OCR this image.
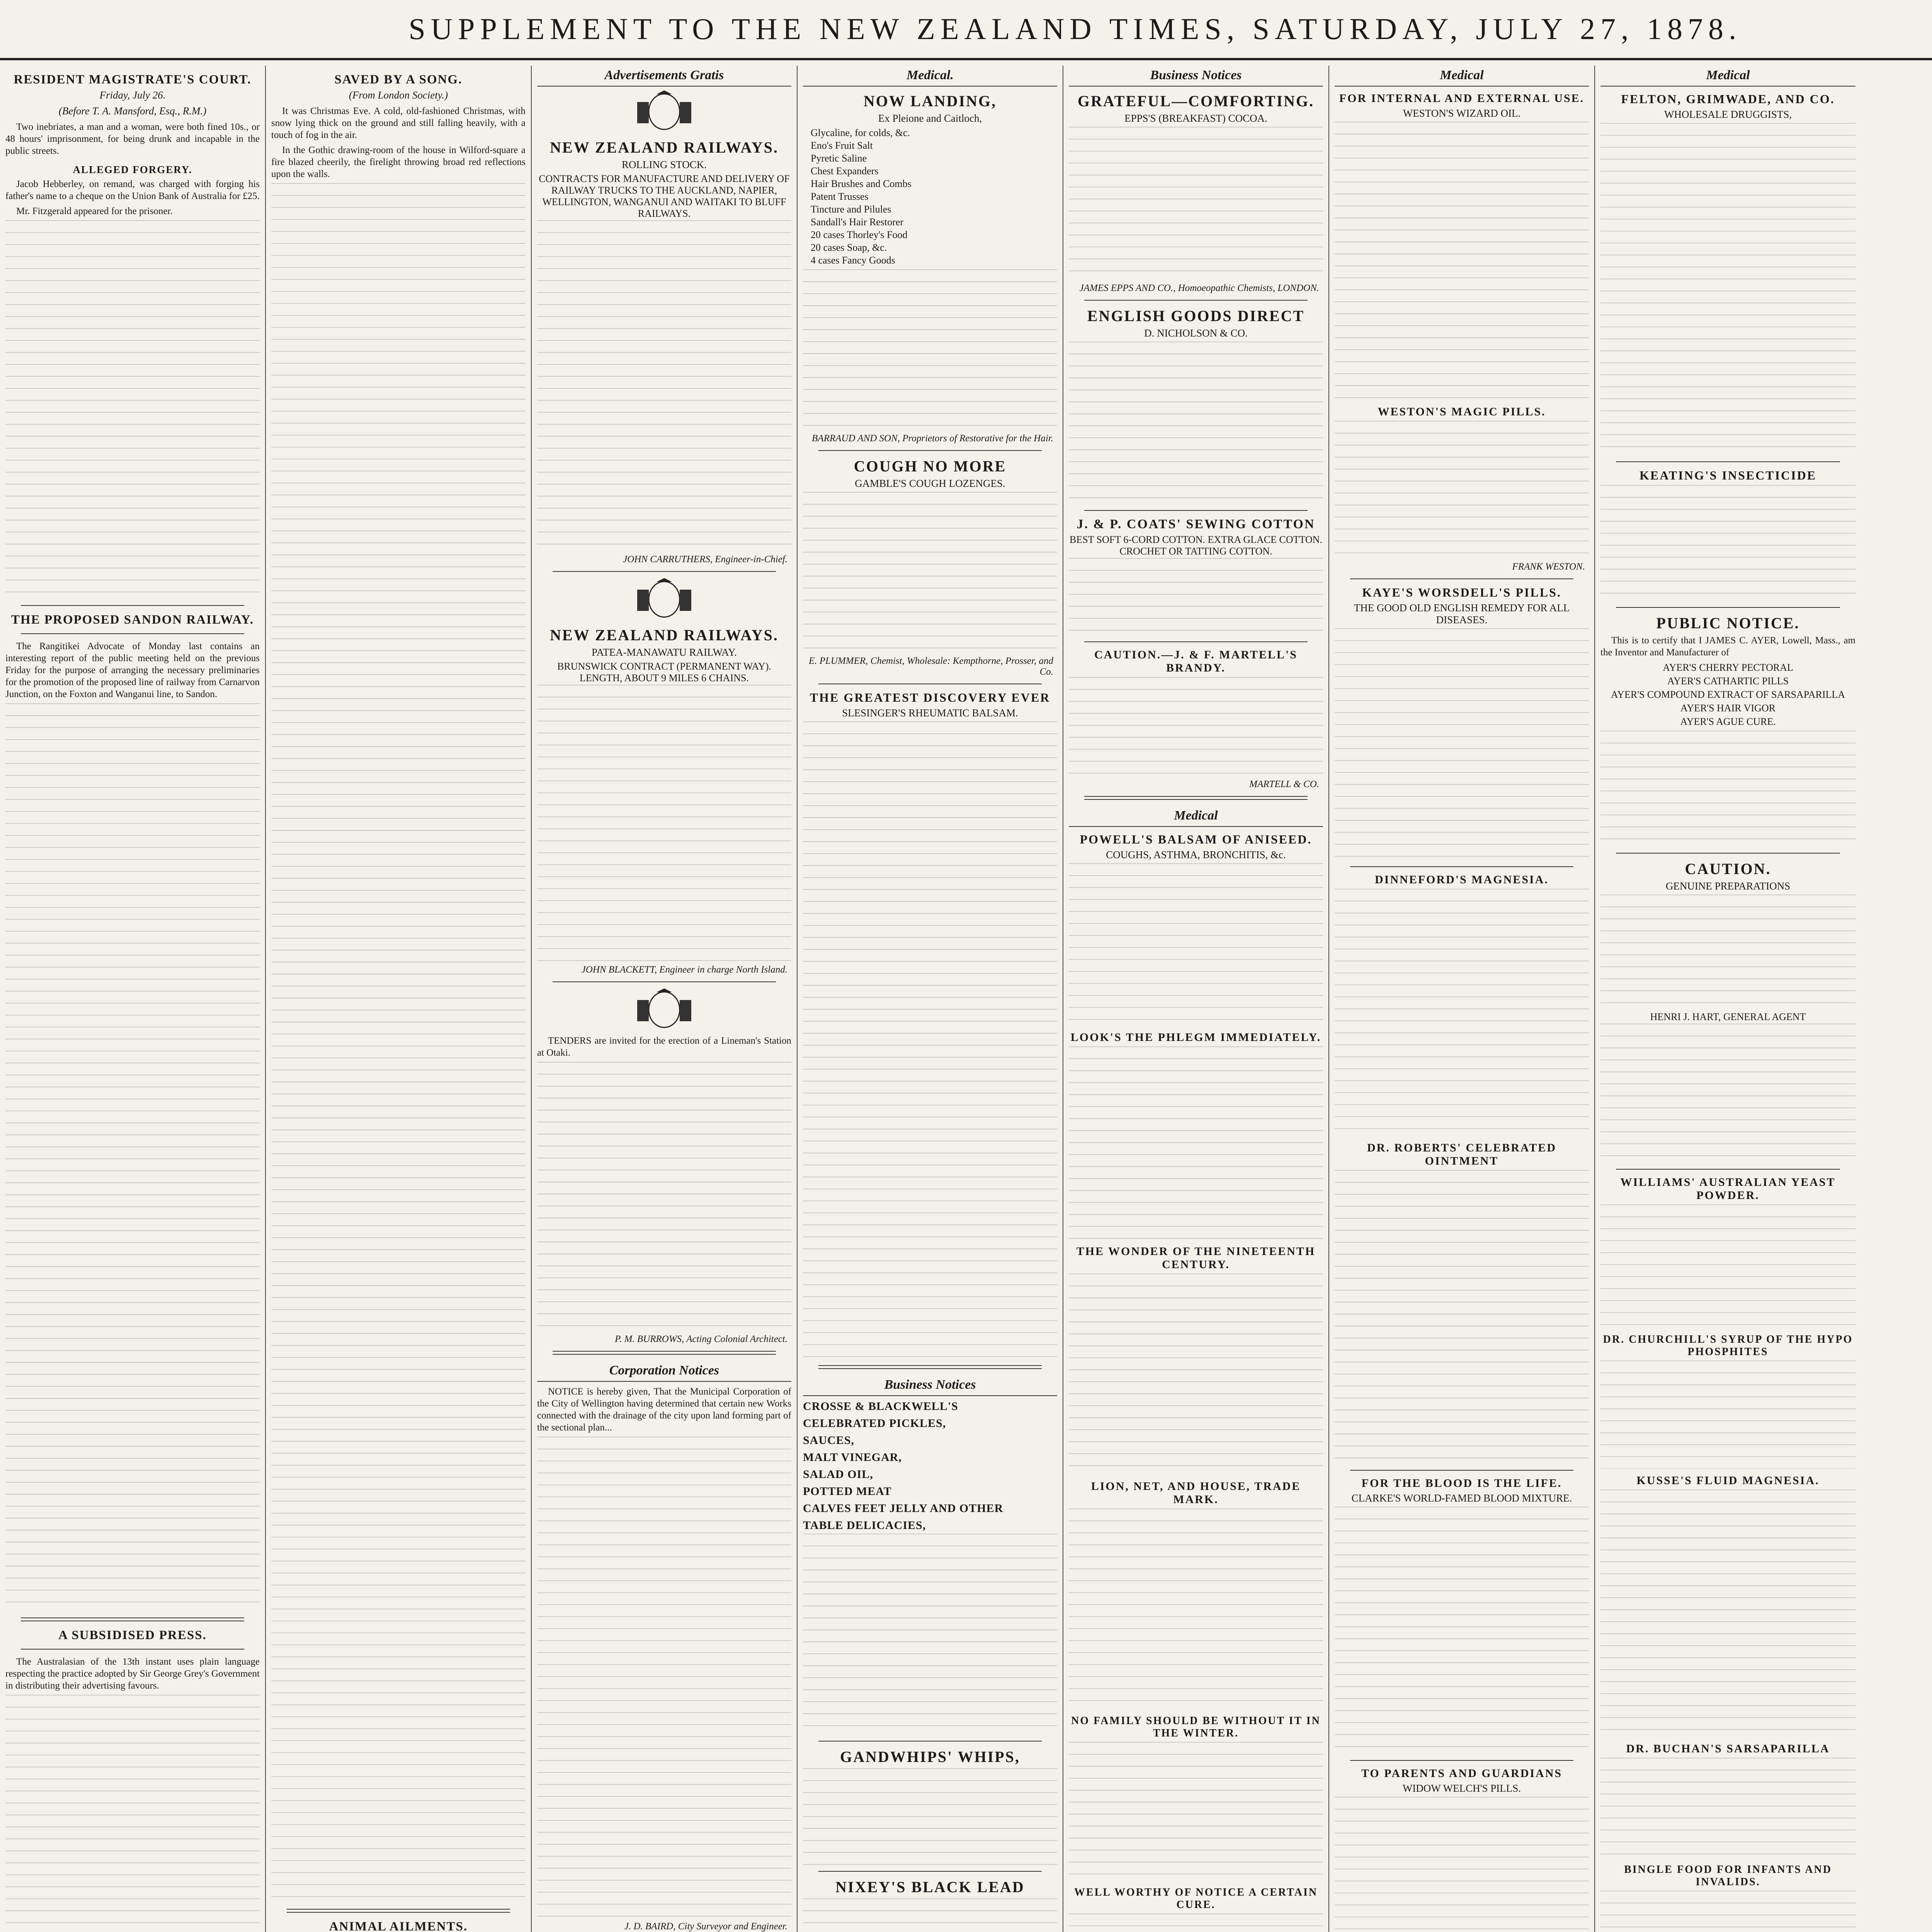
SUPPLEMENT TO THE NEW ZEALAND TIMES, SATURDAY, JULY 27, 1878.
RESIDENT MAGISTRATE'S COURT.
Friday, July 26.
(Before T. A. Mansford, Esq., R.M.)

Two inebriates, a man and a woman, were both fined 10s., or 48 hours' imprisonment, for being drunk and incapable in the public streets.

ALLEGED FORGERY.

Jacob Hebberley, on remand, was charged with forging his father's name to a cheque on the Union Bank of Australia for £25.

Mr. Fitzgerald appeared for the prisoner.

THE PROPOSED SANDON RAILWAY.

The Rangitikei Advocate of Monday last contains an interesting report of the public meeting held on the previous Friday for the purpose of arranging the necessary preliminaries for the promotion of the proposed line of railway from Carnarvon Junction, on the Foxton and Wanganui line, to Sandon.

A SUBSIDISED PRESS.

The Australasian of the 13th instant uses plain language respecting the practice adopted by Sir George Grey's Government in distributing their advertising favours.

SAVED BY A SONG.
(From London Society.)

It was Christmas Eve. A cold, old-fashioned Christmas, with snow lying thick on the ground and still falling heavily, with a touch of fog in the air.

In the Gothic drawing-room of the house in Wilford-square a fire blazed cheerily, the firelight throwing broad red reflections upon the walls.

ANIMAL AILMENTS.

Advertisements Gratis
NEW ZEALAND RAILWAYS.
ROLLING STOCK.
CONTRACTS FOR MANUFACTURE AND DELIVERY OF RAILWAY TRUCKS TO THE AUCKLAND, NAPIER, WELLINGTON, WANGANUI AND WAITAKI TO BLUFF RAILWAYS.
JOHN CARRUTHERS, Engineer-in-Chief.
NEW ZEALAND RAILWAYS.
PATEA-MANAWATU RAILWAY.
BRUNSWICK CONTRACT (PERMANENT WAY). LENGTH, ABOUT 9 MILES 6 CHAINS.
JOHN BLACKETT, Engineer in charge North Island.

TENDERS are invited for the erection of a Lineman's Station at Otaki.

P. M. BURROWS, Acting Colonial Architect.
Corporation Notices

NOTICE is hereby given, That the Municipal Corporation of the City of Wellington having determined that certain new Works connected with the drainage of the city upon land forming part of the sectional plan...

J. D. BAIRD, City Surveyor and Engineer.

Medical.
NOW LANDING,
Ex Pleione and Caitloch,
Glycaline, for colds, &c.
Eno's Fruit Salt
Pyretic Saline
Chest Expanders
Hair Brushes and Combs
Patent Trusses
Tincture and Pilules
Sandall's Hair Restorer
20 cases Thorley's Food
20 cases Soap, &c.
4 cases Fancy Goods
BARRAUD AND SON, Proprietors of Restorative for the Hair.
COUGH NO MORE
GAMBLE'S COUGH LOZENGES.
E. PLUMMER, Chemist, Wholesale: Kempthorne, Prosser, and Co.
THE GREATEST DISCOVERY EVER
SLESINGER'S RHEUMATIC BALSAM.
Business Notices
CROSSE & BLACKWELL'S
CELEBRATED PICKLES,
SAUCES,
MALT VINEGAR,
SALAD OIL,
POTTED MEAT
CALVES FEET JELLY AND OTHER
TABLE DELICACIES,
GANDWHIPS' WHIPS,
NIXEY'S BLACK LEAD
Business Notices
GRATEFUL—COMFORTING.
EPPS'S (BREAKFAST) COCOA.
JAMES EPPS AND CO., Homoeopathic Chemists, LONDON.
ENGLISH GOODS DIRECT
D. NICHOLSON & CO.
J. & P. COATS' SEWING COTTON
BEST SOFT 6-CORD COTTON. EXTRA GLACE COTTON. CROCHET OR TATTING COTTON.
CAUTION.—J. & F. MARTELL'S BRANDY.
MARTELL & CO.
Medical
POWELL'S BALSAM OF ANISEED.
COUGHS, ASTHMA, BRONCHITIS, &c.
LOOK'S THE PHLEGM IMMEDIATELY.
THE WONDER OF THE NINETEENTH CENTURY.
LION, NET, AND HOUSE, TRADE MARK.
NO FAMILY SHOULD BE WITHOUT IT IN THE WINTER.
WELL WORTHY OF NOTICE A CERTAIN CURE.
Medical
FOR INTERNAL AND EXTERNAL USE.
WESTON'S WIZARD OIL.
WESTON'S MAGIC PILLS.
FRANK WESTON.
KAYE'S WORSDELL'S PILLS.
THE GOOD OLD ENGLISH REMEDY FOR ALL DISEASES.
DINNEFORD'S MAGNESIA.
DR. ROBERTS' CELEBRATED OINTMENT
FOR THE BLOOD IS THE LIFE.
CLARKE'S WORLD-FAMED BLOOD MIXTURE.
TO PARENTS AND GUARDIANS
WIDOW WELCH'S PILLS.
Medical
FELTON, GRIMWADE, AND CO.
WHOLESALE DRUGGISTS,
KEATING'S INSECTICIDE
PUBLIC NOTICE.

This is to certify that I JAMES C. AYER, Lowell, Mass., am the Inventor and Manufacturer of

AYER'S CHERRY PECTORAL
AYER'S CATHARTIC PILLS
AYER'S COMPOUND EXTRACT OF SARSAPARILLA
AYER'S HAIR VIGOR
AYER'S AGUE CURE.
CAUTION.
GENUINE PREPARATIONS
HENRI J. HART, GENERAL AGENT
WILLIAMS' AUSTRALIAN YEAST POWDER.
DR. CHURCHILL'S SYRUP OF THE HYPO PHOSPHITES
KUSSE'S FLUID MAGNESIA.
DR. BUCHAN'S SARSAPARILLA
BINGLE FOOD FOR INFANTS AND INVALIDS.
